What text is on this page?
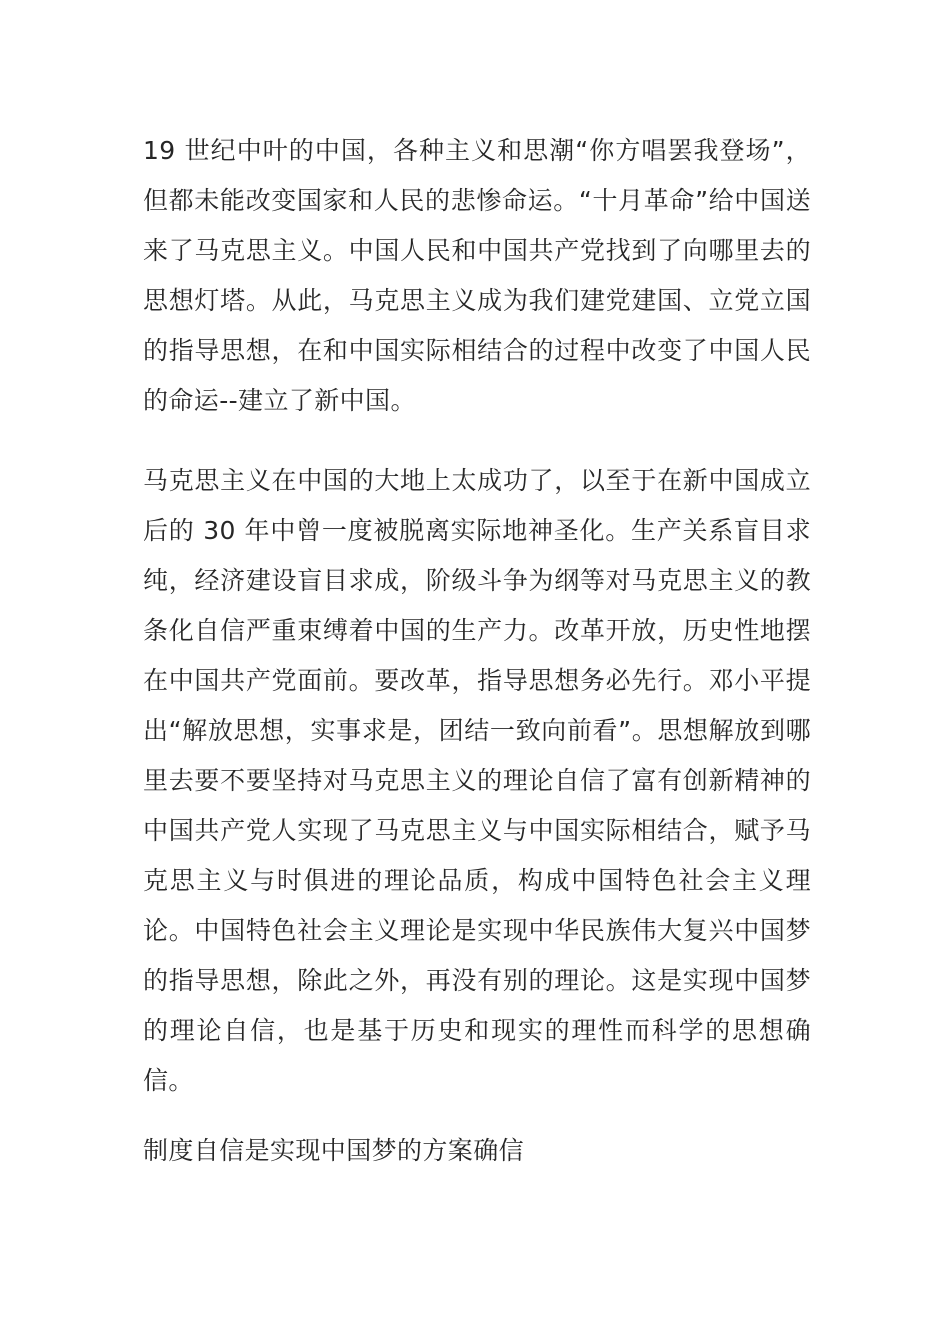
19 世纪中叶的中国，各种主义和思潮“你方唱罢我登场”，但都未能改变国家和人民的悲惨命运。“十月革命”给中国送来了马克思主义。中国人民和中国共产党找到了向哪里去的思想灯塔。从此，马克思主义成为我们建党建国、立党立国的指导思想，在和中国实际相结合的过程中改变了中国人民的命运--建立了新中国。

马克思主义在中国的大地上太成功了，以至于在新中国成立后的 30 年中曾一度被脱离实际地神圣化。生产关系盲目求纯，经济建设盲目求成，阶级斗争为纲等对马克思主义的教条化自信严重束缚着中国的生产力。改革开放，历史性地摆在中国共产党面前。要改革，指导思想务必先行。邓小平提出“解放思想，实事求是，团结一致向前看”。思想解放到哪里去要不要坚持对马克思主义的理论自信了富有创新精神的中国共产党人实现了马克思主义与中国实际相结合，赋予马克思主义与时俱进的理论品质，构成中国特色社会主义理论。中国特色社会主义理论是实现中华民族伟大复兴中国梦的指导思想，除此之外，再没有别的理论。这是实现中国梦的理论自信，也是基于历史和现实的理性而科学的思想确信。

制度自信是实现中国梦的方案确信
